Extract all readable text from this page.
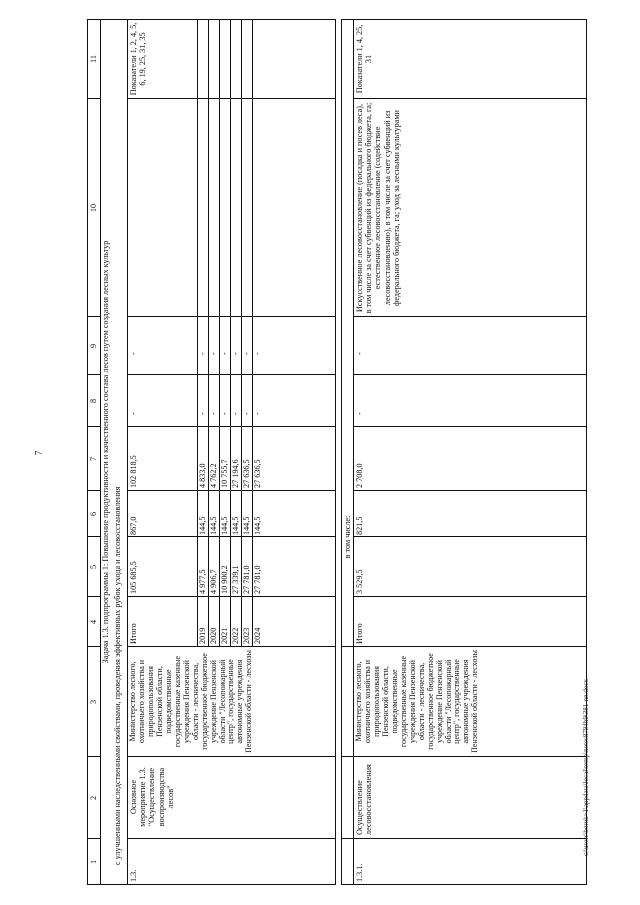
7
c:\users\borok~1\appdata\local\temp\notes8794b9\381-nn.docx
1
2
3
4
5
6
7
8
9
10
11
Задача 1.3. подпрограммы 1: Повышение продуктивности и качественного состава лесов путем создания лесных культур
с улучшенными наследственными свойствами, проведения эффективных рубок ухода и лесовосстановления
1.3.
Основное мероприятие 1.3. "Осуществление воспроизводства лесов"
Министерство лесного, охотничьего хозяйства и природопользования Пензенской области, подведомственные государственные казенные учреждения Пензенской области - лесничества, государственное бюджетное учреждение Пензенской области "Лесопожарный центр", государственные автономные учреждения Пензенской области - лесхозы
Итого
105 685,5
867,0
102 818,5
-
-
Показатели 1, 2, 4, 5, 6, 19, 25, 31, 35
2019
4 977,5
144,5
4 833,0
-
-
2020
4 906,7
144,5
4 762,2
-
-
2021
10 900,2
144,5
10 755,7
-
-
2022
27 339,1
144,5
27 194,6
-
-
2023
27 781,0
144,5
27 636,5
-
-
2024
27 781,0
144,5
27 636,5
-
-
в том числе:
1.3.1.
Осуществление лесовосстановления
Министерство лесного, охотничьего хозяйства и природопользования Пензенской области, подведомственные государственные казенные учреждения Пензенской области - лесничества, государственное бюджетное учреждение Пензенской области "Лесопожарный центр", государственные автономные учреждения Пензенской области - лесхозы
Итого
3 529,5
821,5
2 708,0
-
-
Искусственное лесовосстановление (посадка и посев леса), в том числе за счет субвенций из федерального бюджета, га; естественное лесовосстановление (содействие лесовосстановлению), в том числе за счет субвенций из федерального бюджета, га; уход за лесными культурами
Показатели 1, 4, 25, 31
